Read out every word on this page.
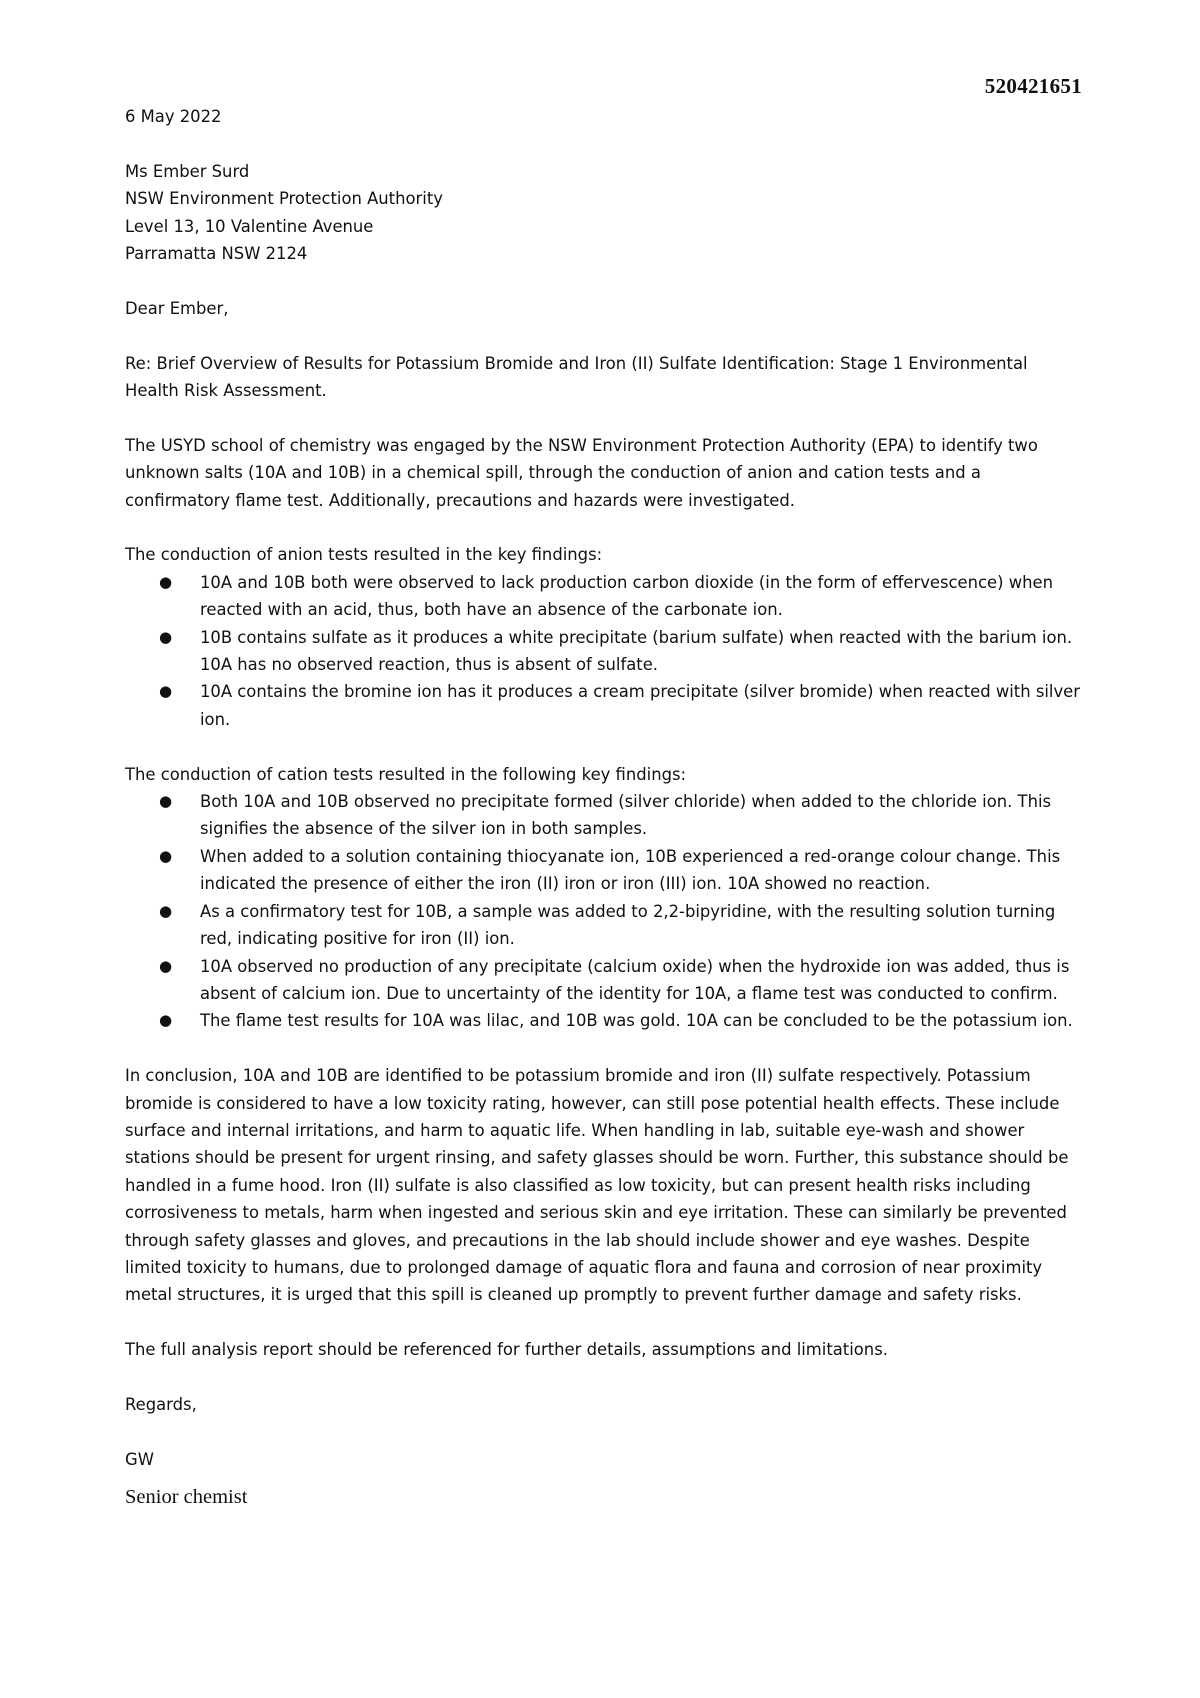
520421651

6 May 2022

Ms Ember Surd

NSW Environment Protection Authority

Level 13, 10 Valentine Avenue

Parramatta NSW 2124

Dear Ember,

Re: Brief Overview of Results for Potassium Bromide and Iron (II) Sulfate Identification: Stage 1 Environmental Health Risk Assessment.

The USYD school of chemistry was engaged by the NSW Environment Protection Authority (EPA) to identify two unknown salts (10A and 10B) in a chemical spill, through the conduction of anion and cation tests and a confirmatory flame test. Additionally, precautions and hazards were investigated.

The conduction of anion tests resulted in the key findings:

● 10A and 10B both were observed to lack production carbon dioxide (in the form of effervescence) when reacted with an acid, thus, both have an absence of the carbonate ion.
● 10B contains sulfate as it produces a white precipitate (barium sulfate) when reacted with the barium ion. 10A has no observed reaction, thus is absent of sulfate.
● 10A contains the bromine ion has it produces a cream precipitate (silver bromide) when reacted with silver ion.

The conduction of cation tests resulted in the following key findings:

● Both 10A and 10B observed no precipitate formed (silver chloride) when added to the chloride ion. This signifies the absence of the silver ion in both samples.
● When added to a solution containing thiocyanate ion, 10B experienced a red-orange colour change. This indicated the presence of either the iron (II) iron or iron (III) ion. 10A showed no reaction.
● As a confirmatory test for 10B, a sample was added to 2,2-bipyridine, with the resulting solution turning red, indicating positive for iron (II) ion.
● 10A observed no production of any precipitate (calcium oxide) when the hydroxide ion was added, thus is absent of calcium ion. Due to uncertainty of the identity for 10A, a flame test was conducted to confirm.
● The flame test results for 10A was lilac, and 10B was gold. 10A can be concluded to be the potassium ion.

In conclusion, 10A and 10B are identified to be potassium bromide and iron (II) sulfate respectively. Potassium bromide is considered to have a low toxicity rating, however, can still pose potential health effects. These include surface and internal irritations, and harm to aquatic life. When handling in lab, suitable eye-wash and shower stations should be present for urgent rinsing, and safety glasses should be worn. Further, this substance should be handled in a fume hood. Iron (II) sulfate is also classified as low toxicity, but can present health risks including corrosiveness to metals, harm when ingested and serious skin and eye irritation. These can similarly be prevented through safety glasses and gloves, and precautions in the lab should include shower and eye washes. Despite limited toxicity to humans, due to prolonged damage of aquatic flora and fauna and corrosion of near proximity metal structures, it is urged that this spill is cleaned up promptly to prevent further damage and safety risks.

The full analysis report should be referenced for further details, assumptions and limitations.

Regards,

GW

Senior chemist
